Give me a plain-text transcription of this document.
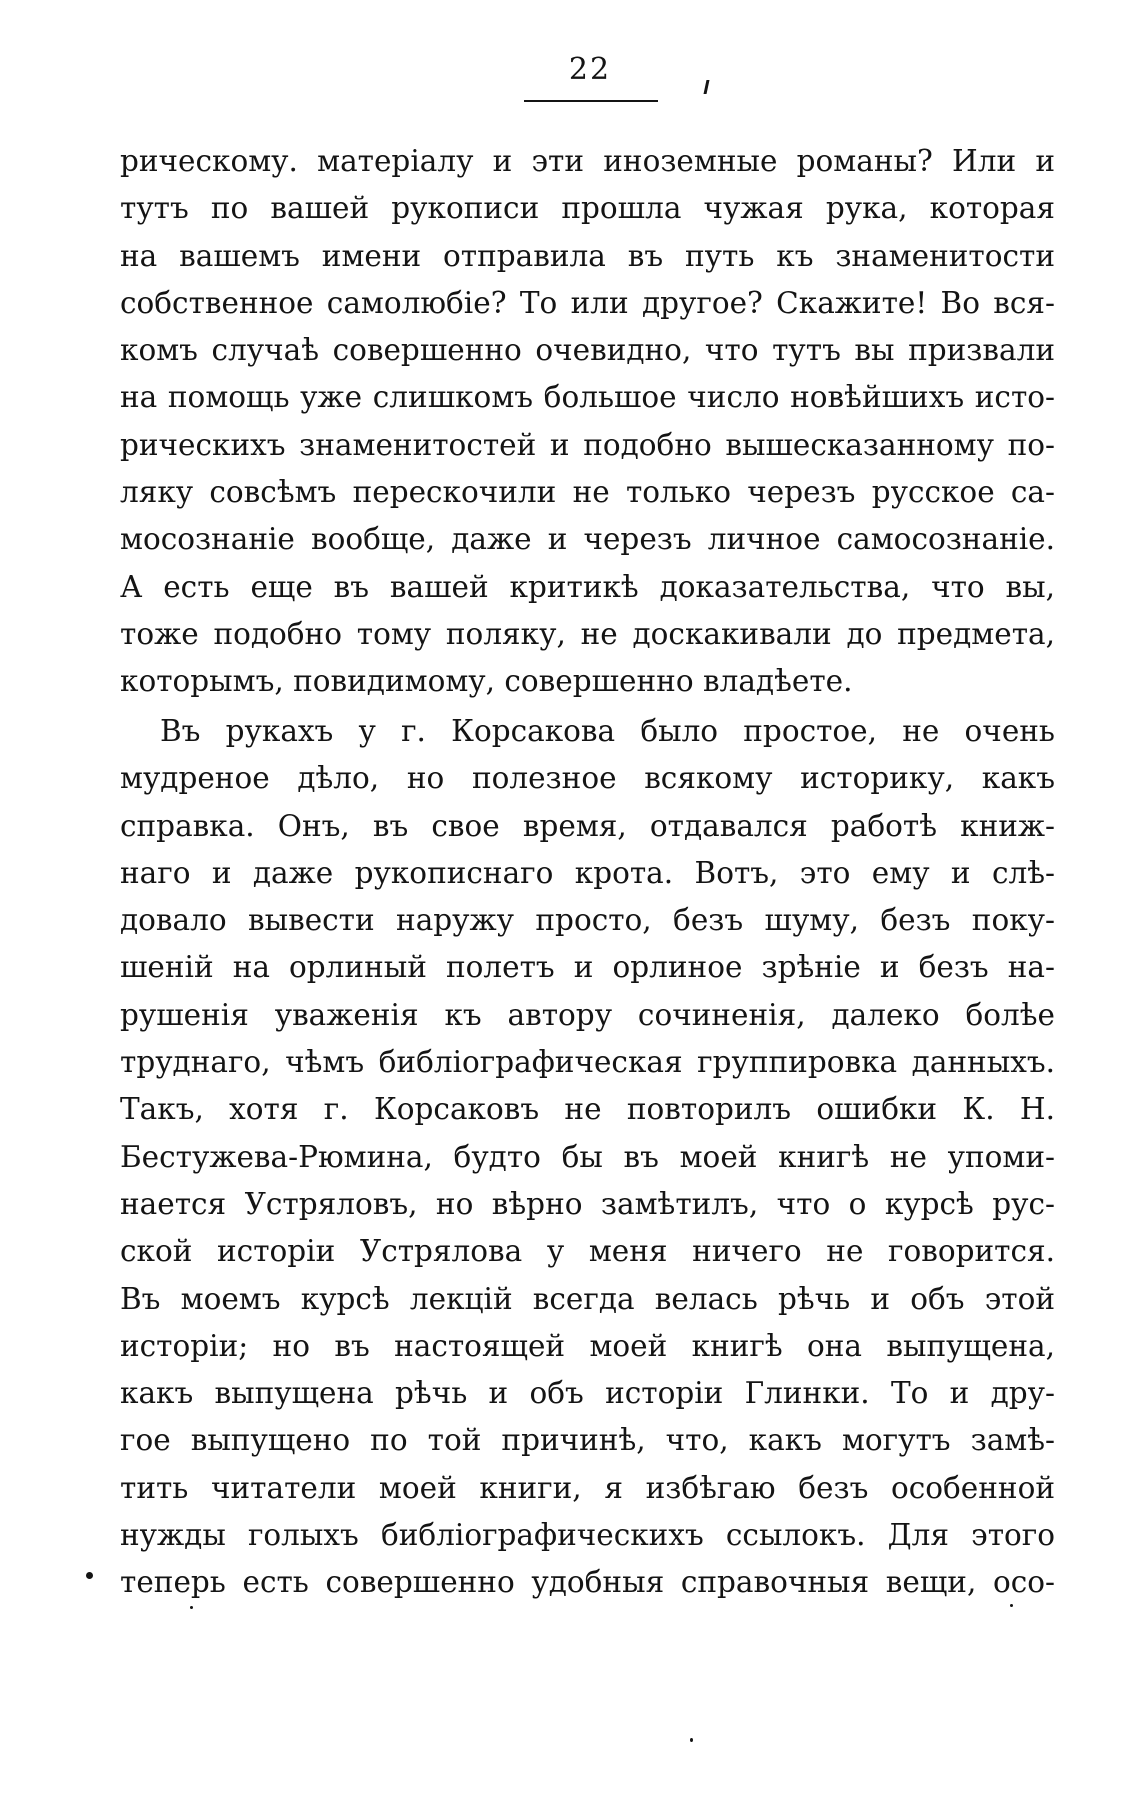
22
рическому. матеріалу и эти иноземные романы? Или и
тутъ по вашей рукописи прошла чужая рука, которая
на вашемъ имени отправила въ путь къ знаменитости
собственное самолюбіе? То или другое? Скажите! Во вся-
комъ случаѣ совершенно очевидно, что тутъ вы призвали
на помощь уже слишкомъ большое число новѣйшихъ исто-
рическихъ знаменитостей и подобно вышесказанному по-
ляку совсѣмъ перескочили не только черезъ русское са-
мосознаніе вообще, даже и черезъ личное самосознаніе.
А есть еще въ вашей критикѣ доказательства, что вы,
тоже подобно тому поляку, не доскакивали до предмета,
которымъ, повидимому, совершенно владѣете.
Въ рукахъ у г. Корсакова было простое, не очень
мудреное дѣло, но полезное всякому историку, какъ
справка. Онъ, въ свое время, отдавался работѣ книж-
наго и даже рукописнаго крота. Вотъ, это ему и слѣ-
довало вывести наружу просто, безъ шуму, безъ поку-
шеній на орлиный полетъ и орлиное зрѣніе и безъ на-
рушенія уваженія къ автору сочиненія, далеко болѣе
труднаго, чѣмъ библіографическая группировка данныхъ.
Такъ, хотя г. Корсаковъ не повторилъ ошибки К. Н.
Бестужева-Рюмина, будто бы въ моей книгѣ не упоми-
нается Устряловъ, но вѣрно замѣтилъ, что о курсѣ рус-
ской исторіи Устрялова у меня ничего не говорится.
Въ моемъ курсѣ лекцій всегда велась рѣчь и объ этой
исторіи; но въ настоящей моей книгѣ она выпущена,
какъ выпущена рѣчь и объ исторіи Глинки. То и дру-
гое выпущено по той причинѣ, что, какъ могутъ замѣ-
тить читатели моей книги, я избѣгаю безъ особенной
нужды голыхъ библіографическихъ ссылокъ. Для этого
теперь есть совершенно удобныя справочныя вещи, осо-
